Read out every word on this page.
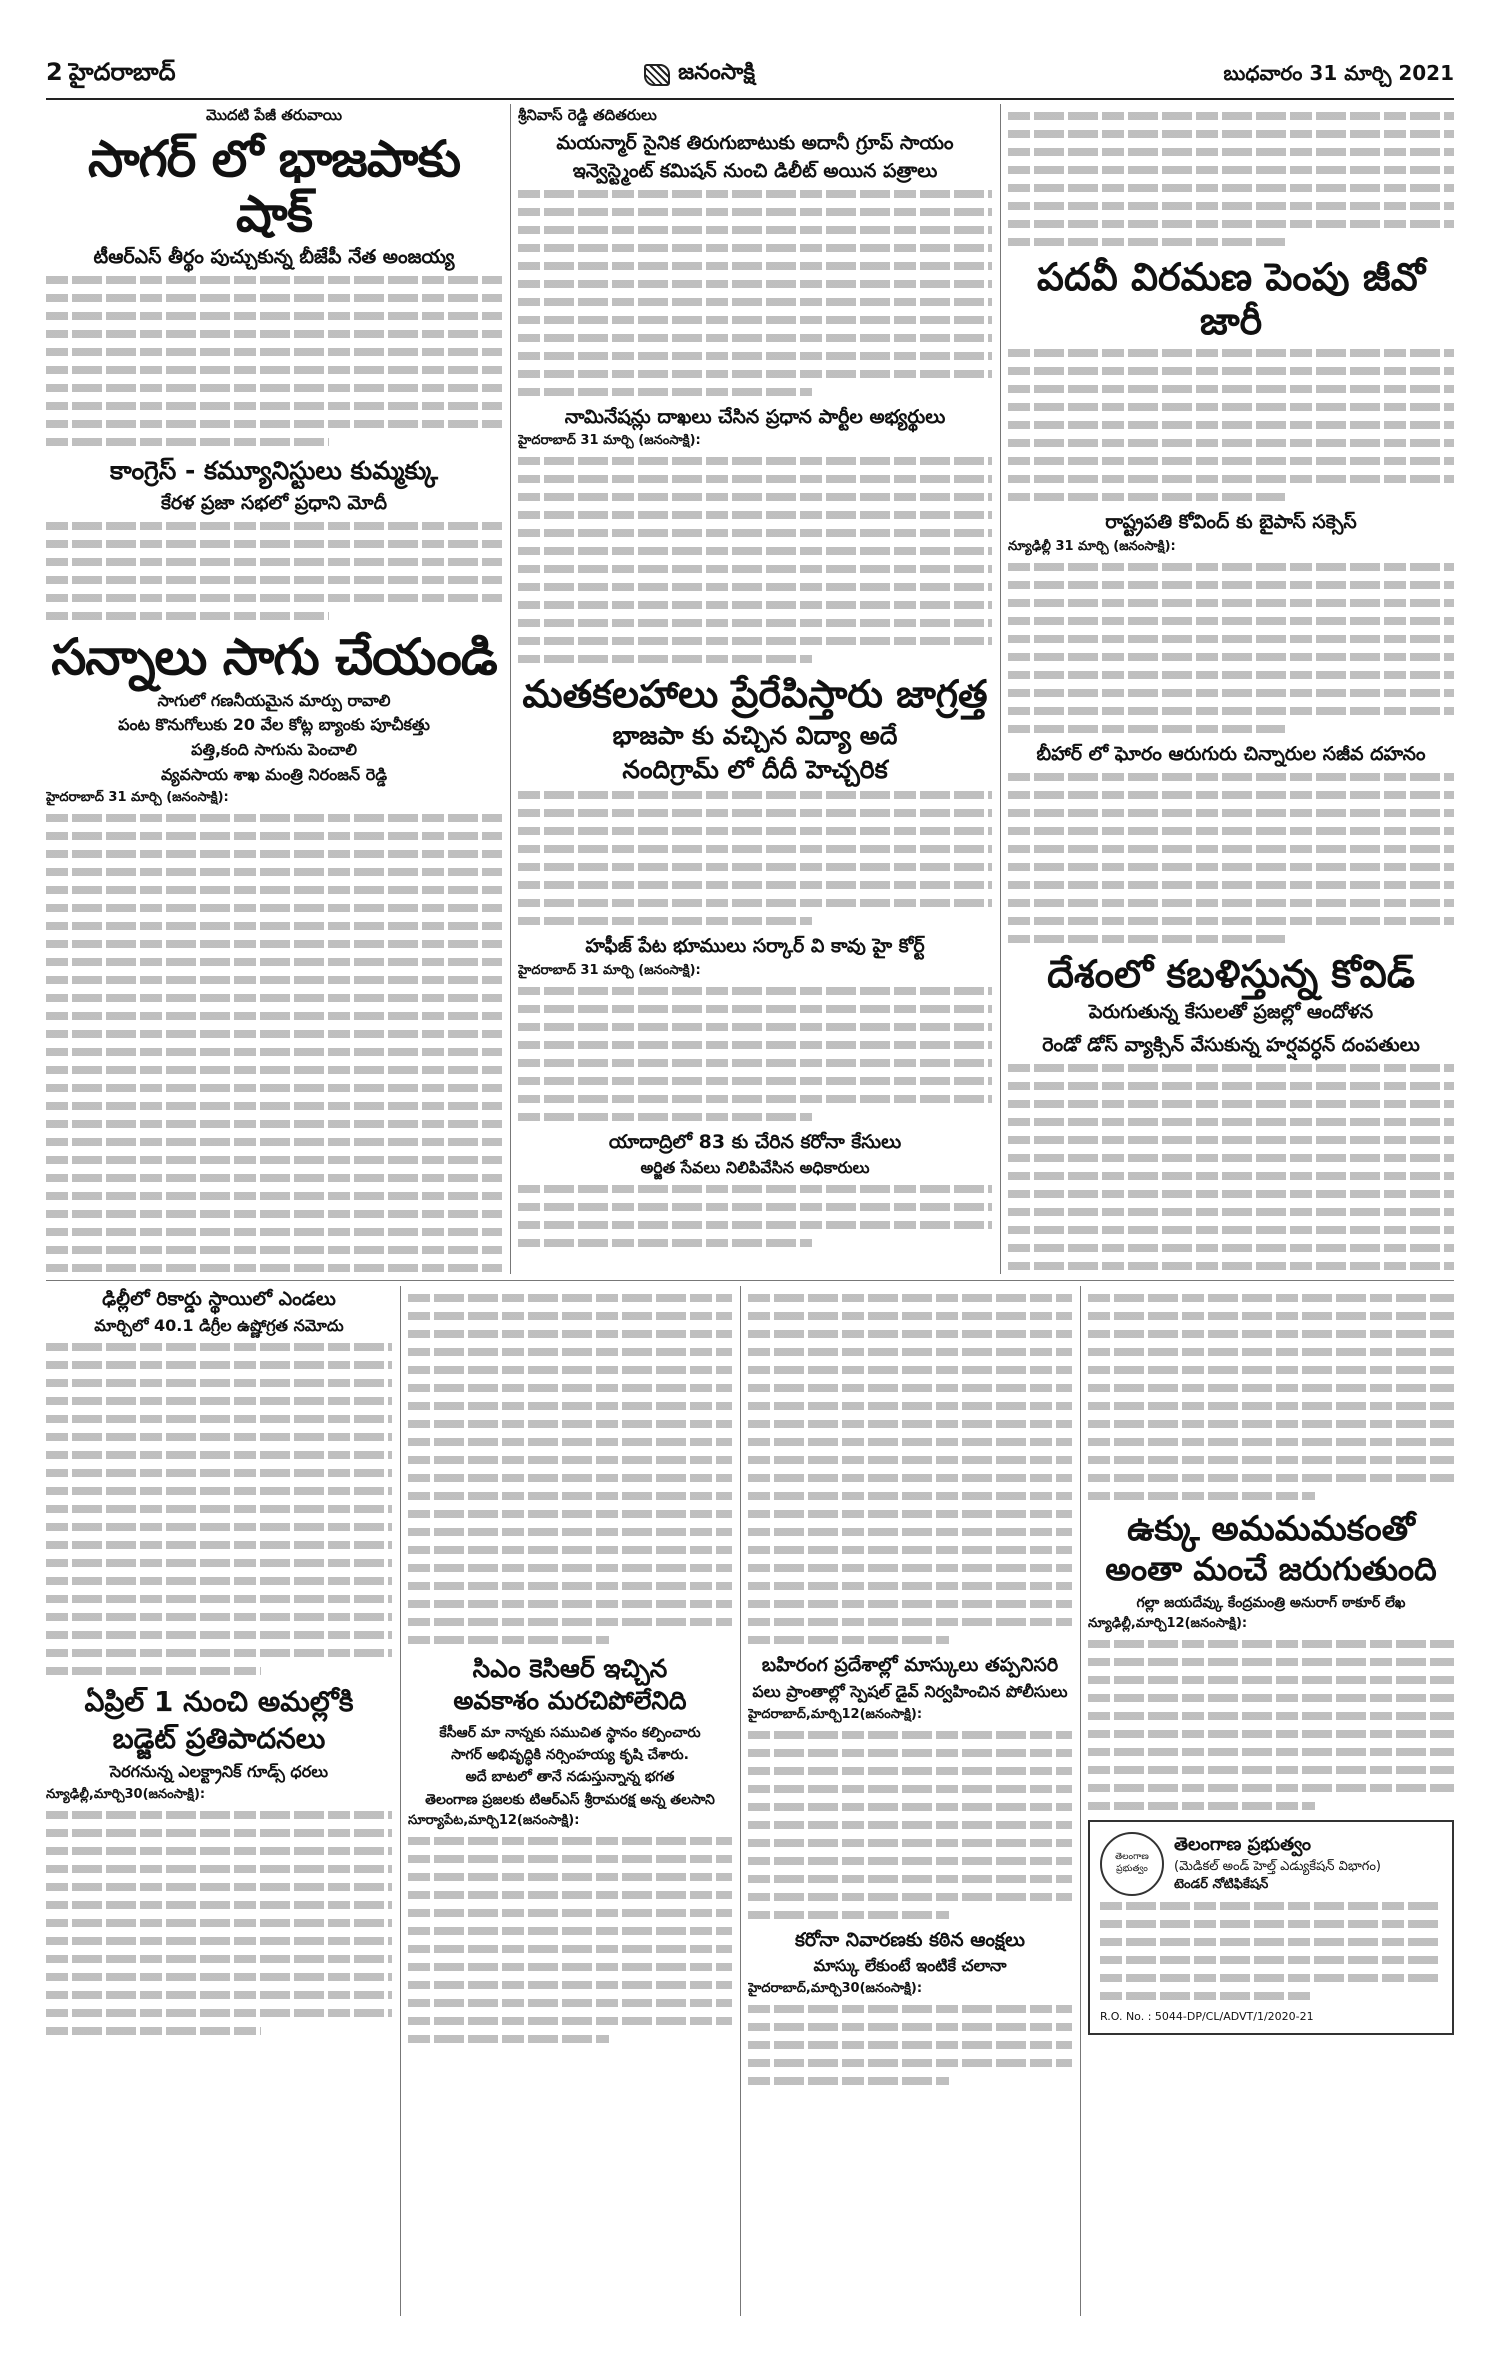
2 హైదరాబాద్	జనంసాక్షి	బుధవారం 31 మార్చి 2021
మొదటి పేజీ తరువాయి
సాగర్ లో భాజపాకు షాక్
టీఆర్ఎస్ తీర్థం పుచ్చుకున్న బీజేపీ నేత అంజయ్య
కాంగ్రెస్ - కమ్యూనిస్టులు కుమ్మక్కు
కేరళ ప్రజా సభలో ప్రధాని మోదీ
సన్నాలు సాగు చేయండి
సాగులో గణనీయమైన మార్పు రావాలి
పంట కొనుగోలుకు 20 వేల కోట్ల బ్యాంకు పూచీకత్తు
పత్తి,కంది సాగును పెంచాలి
వ్యవసాయ శాఖ మంత్రి నిరంజన్ రెడ్డి
హైదరాబాద్ 31 మార్చి (జనంసాక్షి):
శ్రీనివాస్ రెడ్డి తదితరులు
మయన్మార్ సైనిక తిరుగుబాటుకు అదానీ గ్రూప్ సాయం
ఇన్వెస్ట్మెంట్ కమిషన్ నుంచి డిలీట్ అయిన పత్రాలు
నామినేషన్లు దాఖలు చేసిన ప్రధాన పార్టీల అభ్యర్థులు
హైదరాబాద్ 31 మార్చి (జనంసాక్షి):
మతకలహాలు ప్రేరేపిస్తారు జాగ్రత్త
భాజపా కు వచ్చిన విద్యా అదే
నందిగ్రామ్ లో దీదీ హెచ్చరిక
హఫీజ్ పేట భూములు సర్కార్ వి కావు హై కోర్ట్
హైదరాబాద్ 31 మార్చి (జనంసాక్షి):
యాదాద్రిలో 83 కు చేరిన కరోనా కేసులు
అర్జిత సేవలు నిలిపివేసిన అధికారులు
పదవీ విరమణ పెంపు జీవో జారీ
రాష్ట్రపతి కోవింద్ కు బైపాస్ సక్సెస్
న్యూఢిల్లీ 31 మార్చి (జనంసాక్షి):
బీహార్ లో ఘోరం ఆరుగురు చిన్నారుల సజీవ దహనం
దేశంలో కబళిస్తున్న కోవిడ్
పెరుగుతున్న కేసులతో ప్రజల్లో ఆందోళన
రెండో డోస్ వ్యాక్సిన్ వేసుకున్న హర్షవర్ధన్ దంపతులు
ఢిల్లీలో రికార్డు స్థాయిలో ఎండలు
మార్చిలో 40.1 డిగ్రీల ఉష్ణోగ్రత నమోదు
ఏప్రిల్ 1 నుంచి అమల్లోకి
బడ్జెట్ ప్రతిపాదనలు
సెరగనున్న ఎలక్ట్రానిక్ గూడ్స్ ధరలు
న్యూఢిల్లీ,మార్చి30(జనంసాక్షి):
సిఎం కెసిఆర్ ఇచ్చిన
అవకాశం మరచిపోలేనిది
కేసీఆర్ మా నాన్నకు సముచిత స్థానం కల్పించారు
సాగర్ అభివృద్ధికి నర్సింహయ్య కృషి చేశారు.
అదే బాటలో తానే నడుస్తున్నాన్న భగత
తెలంగాణ ప్రజలకు టిఆర్ఎస్ శ్రీరామరక్ష అన్న తలసాని
సూర్యాపేట,మార్చి12(జనంసాక్షి):
బహిరంగ ప్రదేశాల్లో మాస్కులు తప్పనిసరి
పలు ప్రాంతాల్లో స్పెషల్ డైవ్ నిర్వహించిన పోలీసులు
హైదరాబాద్,మార్చి12(జనంసాక్షి):
కరోనా నివారణకు కఠిన ఆంక్షలు
మాస్కు లేకుంటే ఇంటికే చలానా
హైదరాబాద్,మార్చి30(జనంసాక్షి):
ఉక్కు అమమమకంతో
అంతా మంచే జరుగుతుంది
గల్లా జయదేవ్కు కేంద్రమంత్రి అనురాగ్ ఠాకూర్ లేఖ
న్యూఢిల్లీ,మార్చి12(జనంసాక్షి):
తెలంగాణ ప్రభుత్వం
తెలంగాణ ప్రభుత్వం
(మెడికల్ అండ్ హెల్త్ ఎడ్యుకేషన్ విభాగం)
టెండర్ నోటిఫికేషన్
R.O. No. : 5044-DP/CL/ADVT/1/2020-21
